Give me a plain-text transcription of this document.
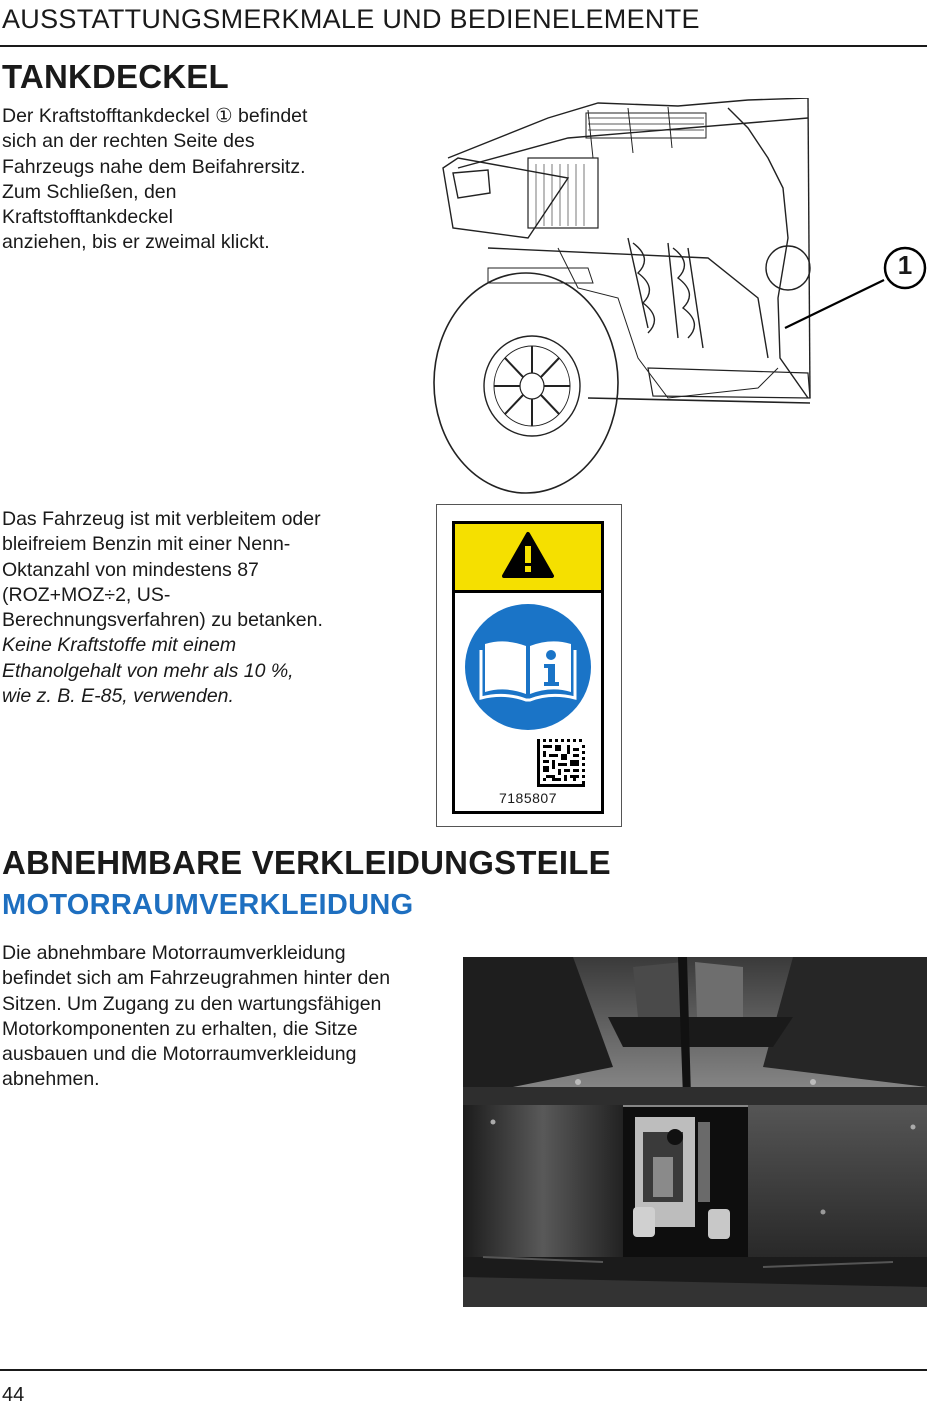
AUSSTATTUNGSMERKMALE UND BEDIENELEMENTE
TANKDECKEL

Der Kraftstofftankdeckel ① befindet

sich an der rechten Seite des

Fahrzeugs nahe dem Beifahrersitz.

Zum Schließen, den

Kraftstofftankdeckel

anziehen, bis er zweimal klickt.

1

Das Fahrzeug ist mit verbleitem oder

bleifreiem Benzin mit einer Nenn-

Oktanzahl von mindestens 87

(ROZ+MOZ÷2, US-

Berechnungsverfahren) zu betanken.

Keine Kraftstoffe mit einem

Ethanolgehalt von mehr als 10 %,

wie z. B. E-85, verwenden.

7185807
ABNEHMBARE VERKLEIDUNGSTEILE
MOTORRAUMVERKLEIDUNG

Die abnehmbare Motorraumverkleidung

befindet sich am Fahrzeugrahmen hinter den

Sitzen. Um Zugang zu den wartungsfähigen

Motorkomponenten zu erhalten, die Sitze

ausbauen und die Motorraumverkleidung

abnehmen.

44
